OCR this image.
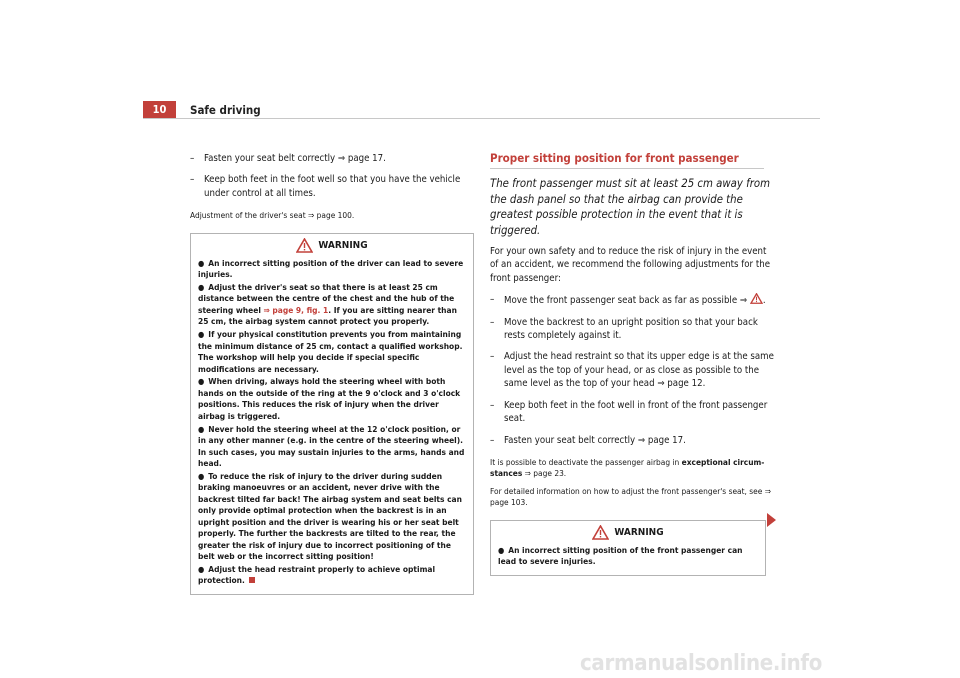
10	Safe driving
– Fasten your seat belt correctly ⇒ page 17.
– Keep both feet in the foot well so that you have the vehicle under control at all times.

Adjustment of the driver's seat ⇒ page 100.

WARNING
● An incorrect sitting position of the driver can lead to severe injuries.
● Adjust the driver's seat so that there is at least 25 cm distance between the centre of the chest and the hub of the steering wheel ⇒ page 9, fig. 1. If you are sitting nearer than 25 cm, the airbag system cannot protect you properly.
● If your physical constitution prevents you from maintaining the minimum distance of 25 cm, contact a qualified workshop. The workshop will help you decide if special specific modifications are necessary.
● When driving, always hold the steering wheel with both hands on the outside of the ring at the 9 o'clock and 3 o'clock positions. This reduces the risk of injury when the driver airbag is triggered.
● Never hold the steering wheel at the 12 o'clock position, or in any other manner (e.g. in the centre of the steering wheel). In such cases, you may sustain injuries to the arms, hands and head.
● To reduce the risk of injury to the driver during sudden braking manoeuvres or an accident, never drive with the backrest tilted far back! The airbag system and seat belts can only provide optimal protection when the backrest is in an upright position and the driver is wearing his or her seat belt properly. The further the backrests are tilted to the rear, the greater the risk of injury due to incorrect positioning of the belt web or the incorrect sitting position!
● Adjust the head restraint properly to achieve optimal protection.
Proper sitting position for front passenger

The front passenger must sit at least 25 cm away from the dash panel so that the airbag can provide the greatest possible protection in the event that it is triggered.

For your own safety and to reduce the risk of injury in the event of an accident, we recommend the following adjustments for the front passenger:

– Move the front passenger seat back as far as possible ⇒ .
– Move the backrest to an upright position so that your back rests completely against it.
– Adjust the head restraint so that its upper edge is at the same level as the top of your head, or as close as possible to the same level as the top of your head ⇒ page 12.
– Keep both feet in the foot well in front of the front passenger seat.
– Fasten your seat belt correctly ⇒ page 17.

It is possible to deactivate the passenger airbag in exceptional circum-stances ⇒ page 23.

For detailed information on how to adjust the front passenger's seat, see ⇒ page 103.

WARNING
● An incorrect sitting position of the front passenger can lead to severe injuries.
carmanualsonline.info
